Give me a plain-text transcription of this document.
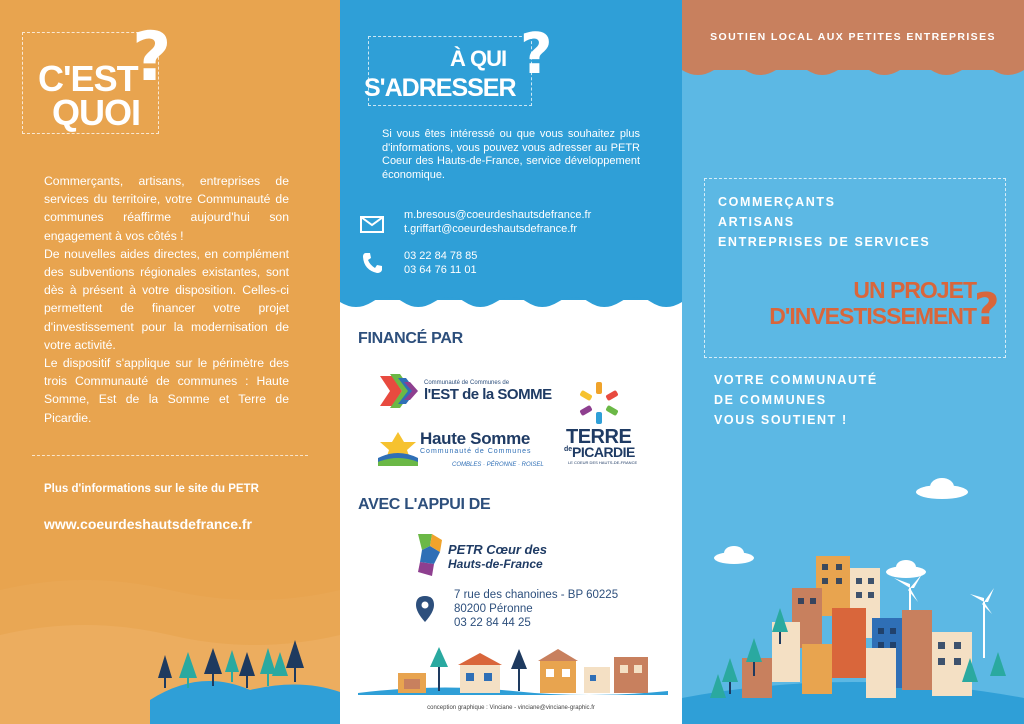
C'EST
QUOI
?

Commerçants, artisans, entreprises de services du territoire, votre Communauté de communes réaffirme aujourd'hui son engagement à vos côtés !

De nouvelles aides directes, en complément des subventions régionales existantes, sont dès à présent à votre disposition. Celles-ci permettent de financer votre projet d'investissement pour la modernisation de votre activité.

Le dispositif s'applique sur le périmètre des trois Communauté de communes : Haute Somme, Est de la Somme et Terre de Picardie.

Plus d'informations sur le site du PETR
www.coeurdeshautsdefrance.fr
À QUI
S'ADRESSER
?
Si vous êtes intéressé ou que vous souhaitez plus d'informations, vous pouvez vous adresser au PETR Coeur des Hauts-de-France, service développement économique.
m.bresous@coeurdeshautsdefrance.fr
t.griffart@coeurdeshautsdefrance.fr
03 22 84 78 85
03 64 76 11 01
FINANCÉ PAR
Communauté de Communes de
l'EST de la SOMME
Haute Somme
Communauté de Communes
COMBLES · PÉRONNE · ROISEL
TERRE
de PICARDIE
LE COEUR DES HAUTS-DE-FRANCE
AVEC L'APPUI DE
PETR Cœur des
Hauts-de-France
7 rue des chanoines - BP 60225
80200 Péronne
03 22 84 44 25
conception graphique : Vinciane - vinciane@vinciane-graphic.fr
SOUTIEN LOCAL AUX PETITES ENTREPRISES
COMMERÇANTS
ARTISANS
ENTREPRISES DE SERVICES
UN PROJET
D'INVESTISSEMENT
?
VOTRE COMMUNAUTÉ
DE COMMUNES
VOUS SOUTIENT !
